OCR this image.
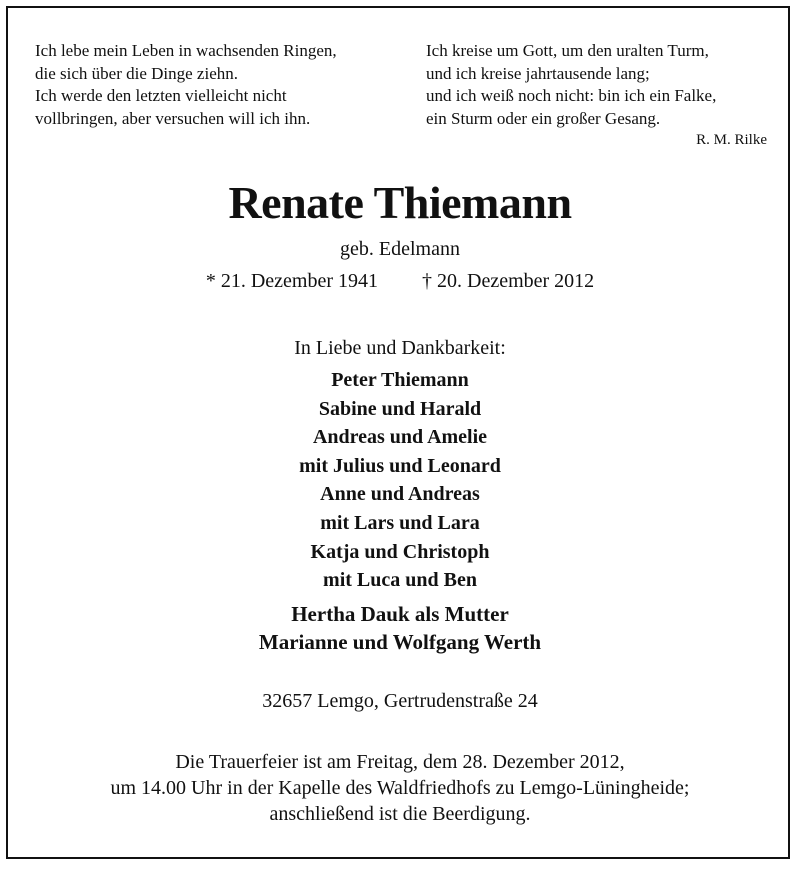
Ich lebe mein Leben in wachsenden Ringen,
die sich über die Dinge ziehn.
Ich werde den letzten vielleicht nicht
vollbringen, aber versuchen will ich ihn.
Ich kreise um Gott, um den uralten Turm,
und ich kreise jahrtausende lang;
und ich weiß noch nicht: bin ich ein Falke,
ein Sturm oder ein großer Gesang.
R. M. Rilke
Renate Thiemann
geb. Edelmann
* 21. Dezember 1941 † 20. Dezember 2012
In Liebe und Dankbarkeit:
Peter Thiemann
Sabine und Harald
Andreas und Amelie
mit Julius und Leonard
Anne und Andreas
mit Lars und Lara
Katja und Christoph
mit Luca und Ben
Hertha Dauk als Mutter
Marianne und Wolfgang Werth
32657 Lemgo, Gertrudenstraße 24
Die Trauerfeier ist am Freitag, dem 28. Dezember 2012,
um 14.00 Uhr in der Kapelle des Waldfriedhofs zu Lemgo-Lüningheide;
anschließend ist die Beerdigung.
